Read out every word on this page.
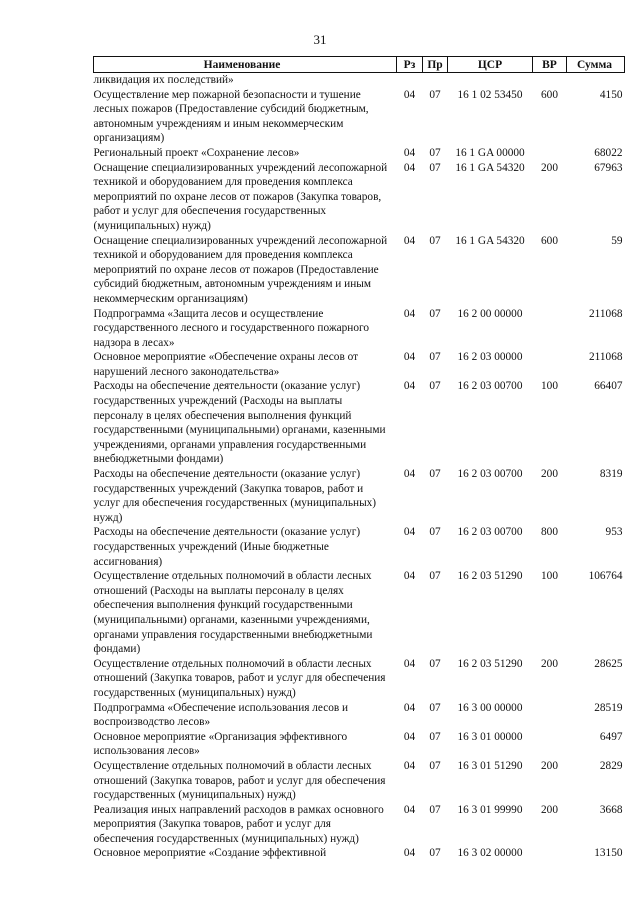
31
Наименование	Рз	Пр	ЦСР	ВР	Сумма
ликвидация их последствий»					
Осуществление мер пожарной безопасности и тушение лесных пожаров (Предоставление субсидий бюджетным, автономным учреждениям и иным некоммерческим организациям)	04	07	16 1 02 53450	600	4150
Региональный проект «Сохранение лесов»	04	07	16 1 GA 00000		68022
Оснащение специализированных учреждений лесопожарной техникой и оборудованием для проведения комплекса мероприятий по охране лесов от пожаров (Закупка товаров, работ и услуг для обеспечения государственных (муниципальных) нужд)	04	07	16 1 GA 54320	200	67963
Оснащение специализированных учреждений лесопожарной техникой и оборудованием для проведения комплекса мероприятий по охране лесов от пожаров (Предоставление субсидий бюджетным, автономным учреждениям и иным некоммерческим организациям)	04	07	16 1 GA 54320	600	59
Подпрограмма «Защита лесов и осуществление государственного лесного и государственного пожарного надзора в лесах»	04	07	16 2 00 00000		211068
Основное мероприятие «Обеспечение охраны лесов от нарушений лесного законодательства»	04	07	16 2 03 00000		211068
Расходы на обеспечение деятельности (оказание услуг) государственных учреждений (Расходы на выплаты персоналу в целях обеспечения выполнения функций государственными (муниципальными) органами, казенными учреждениями, органами управления государственными внебюджетными фондами)	04	07	16 2 03 00700	100	66407
Расходы на обеспечение деятельности (оказание услуг) государственных учреждений (Закупка товаров, работ и услуг для обеспечения государственных (муниципальных) нужд)	04	07	16 2 03 00700	200	8319
Расходы на обеспечение деятельности (оказание услуг) государственных учреждений (Иные бюджетные ассигнования)	04	07	16 2 03 00700	800	953
Осуществление отдельных полномочий в области лесных отношений (Расходы на выплаты персоналу в целях обеспечения выполнения функций государственными (муниципальными) органами, казенными учреждениями, органами управления государственными внебюджетными фондами)	04	07	16 2 03 51290	100	106764
Осуществление отдельных полномочий в области лесных отношений (Закупка товаров, работ и услуг для обеспечения государственных (муниципальных) нужд)	04	07	16 2 03 51290	200	28625
Подпрограмма «Обеспечение использования лесов и воспроизводство лесов»	04	07	16 3 00 00000		28519
Основное мероприятие «Организация эффективного использования лесов»	04	07	16 3 01 00000		6497
Осуществление отдельных полномочий в области лесных отношений (Закупка товаров, работ и услуг для обеспечения государственных (муниципальных) нужд)	04	07	16 3 01 51290	200	2829
Реализация иных направлений расходов в рамках основного мероприятия (Закупка товаров, работ и услуг для обеспечения государственных (муниципальных) нужд)	04	07	16 3 01 99990	200	3668
Основное мероприятие «Создание эффективной	04	07	16 3 02 00000		13150
